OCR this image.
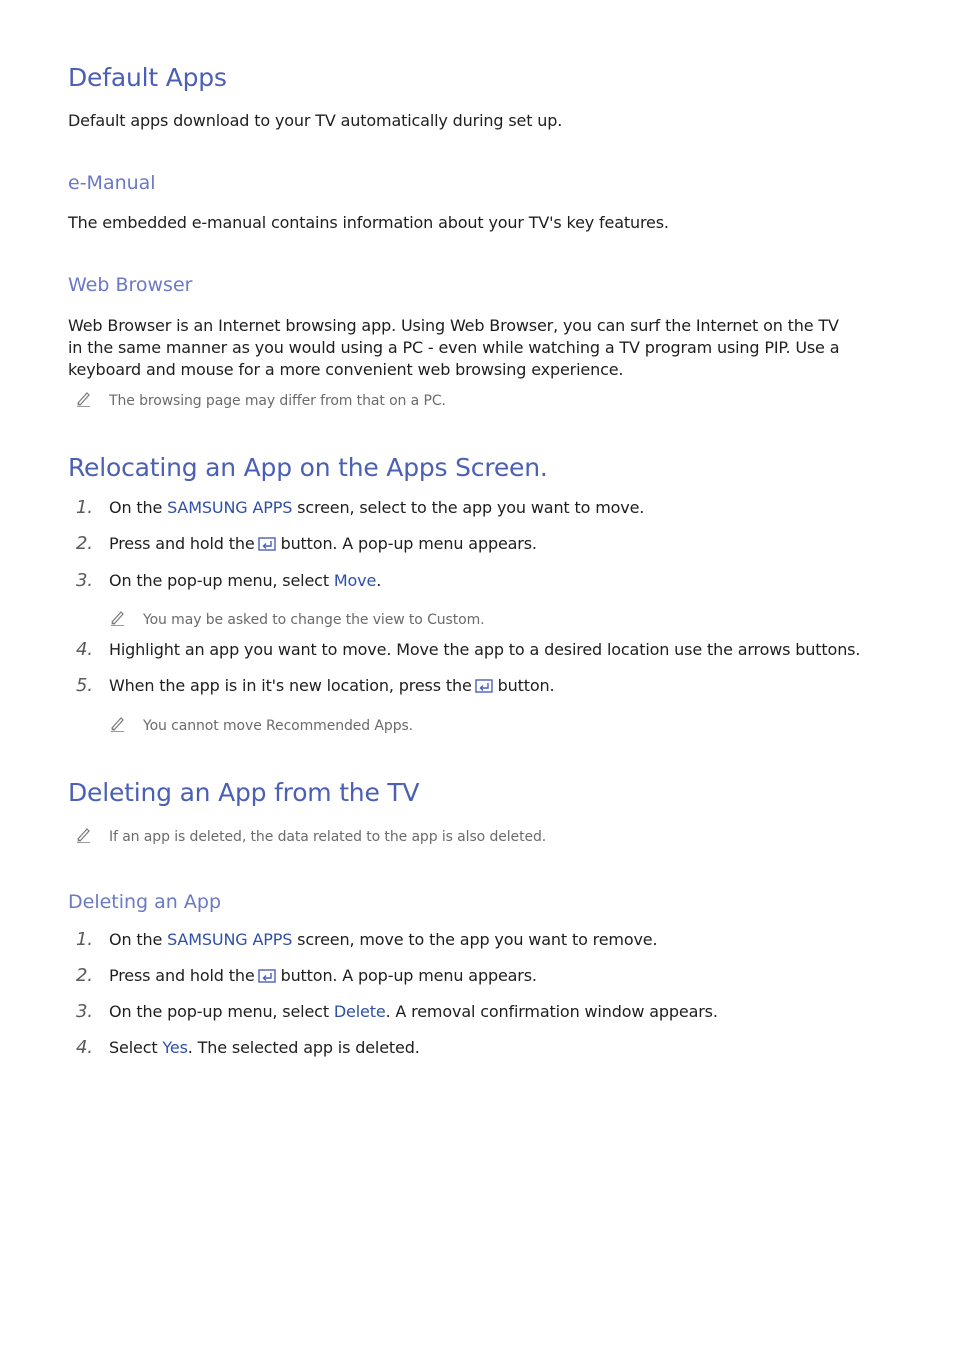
Default Apps

Default apps download to your TV automatically during set up.

e-Manual

The embedded e-manual contains information about your TV's key features.

Web Browser

Web Browser is an Internet browsing app. Using Web Browser, you can surf the Internet on the TV in the same manner as you would using a PC - even while watching a TV program using PIP. Use a keyboard and mouse for a more convenient web browsing experience.

The browsing page may differ from that on a PC.
Relocating an App on the Apps Screen.
1. On the SAMSUNG APPS screen, select to the app you want to move.
2. Press and hold the button. A pop-up menu appears.
3. On the pop-up menu, select Move.
You may be asked to change the view to Custom.
4. Highlight an app you want to move. Move the app to a desired location use the arrows buttons.
5. When the app is in it's new location, press the button.
You cannot move Recommended Apps.
Deleting an App from the TV
If an app is deleted, the data related to the app is also deleted.
Deleting an App
1. On the SAMSUNG APPS screen, move to the app you want to remove.
2. Press and hold the button. A pop-up menu appears.
3. On the pop-up menu, select Delete. A removal confirmation window appears.
4. Select Yes. The selected app is deleted.
